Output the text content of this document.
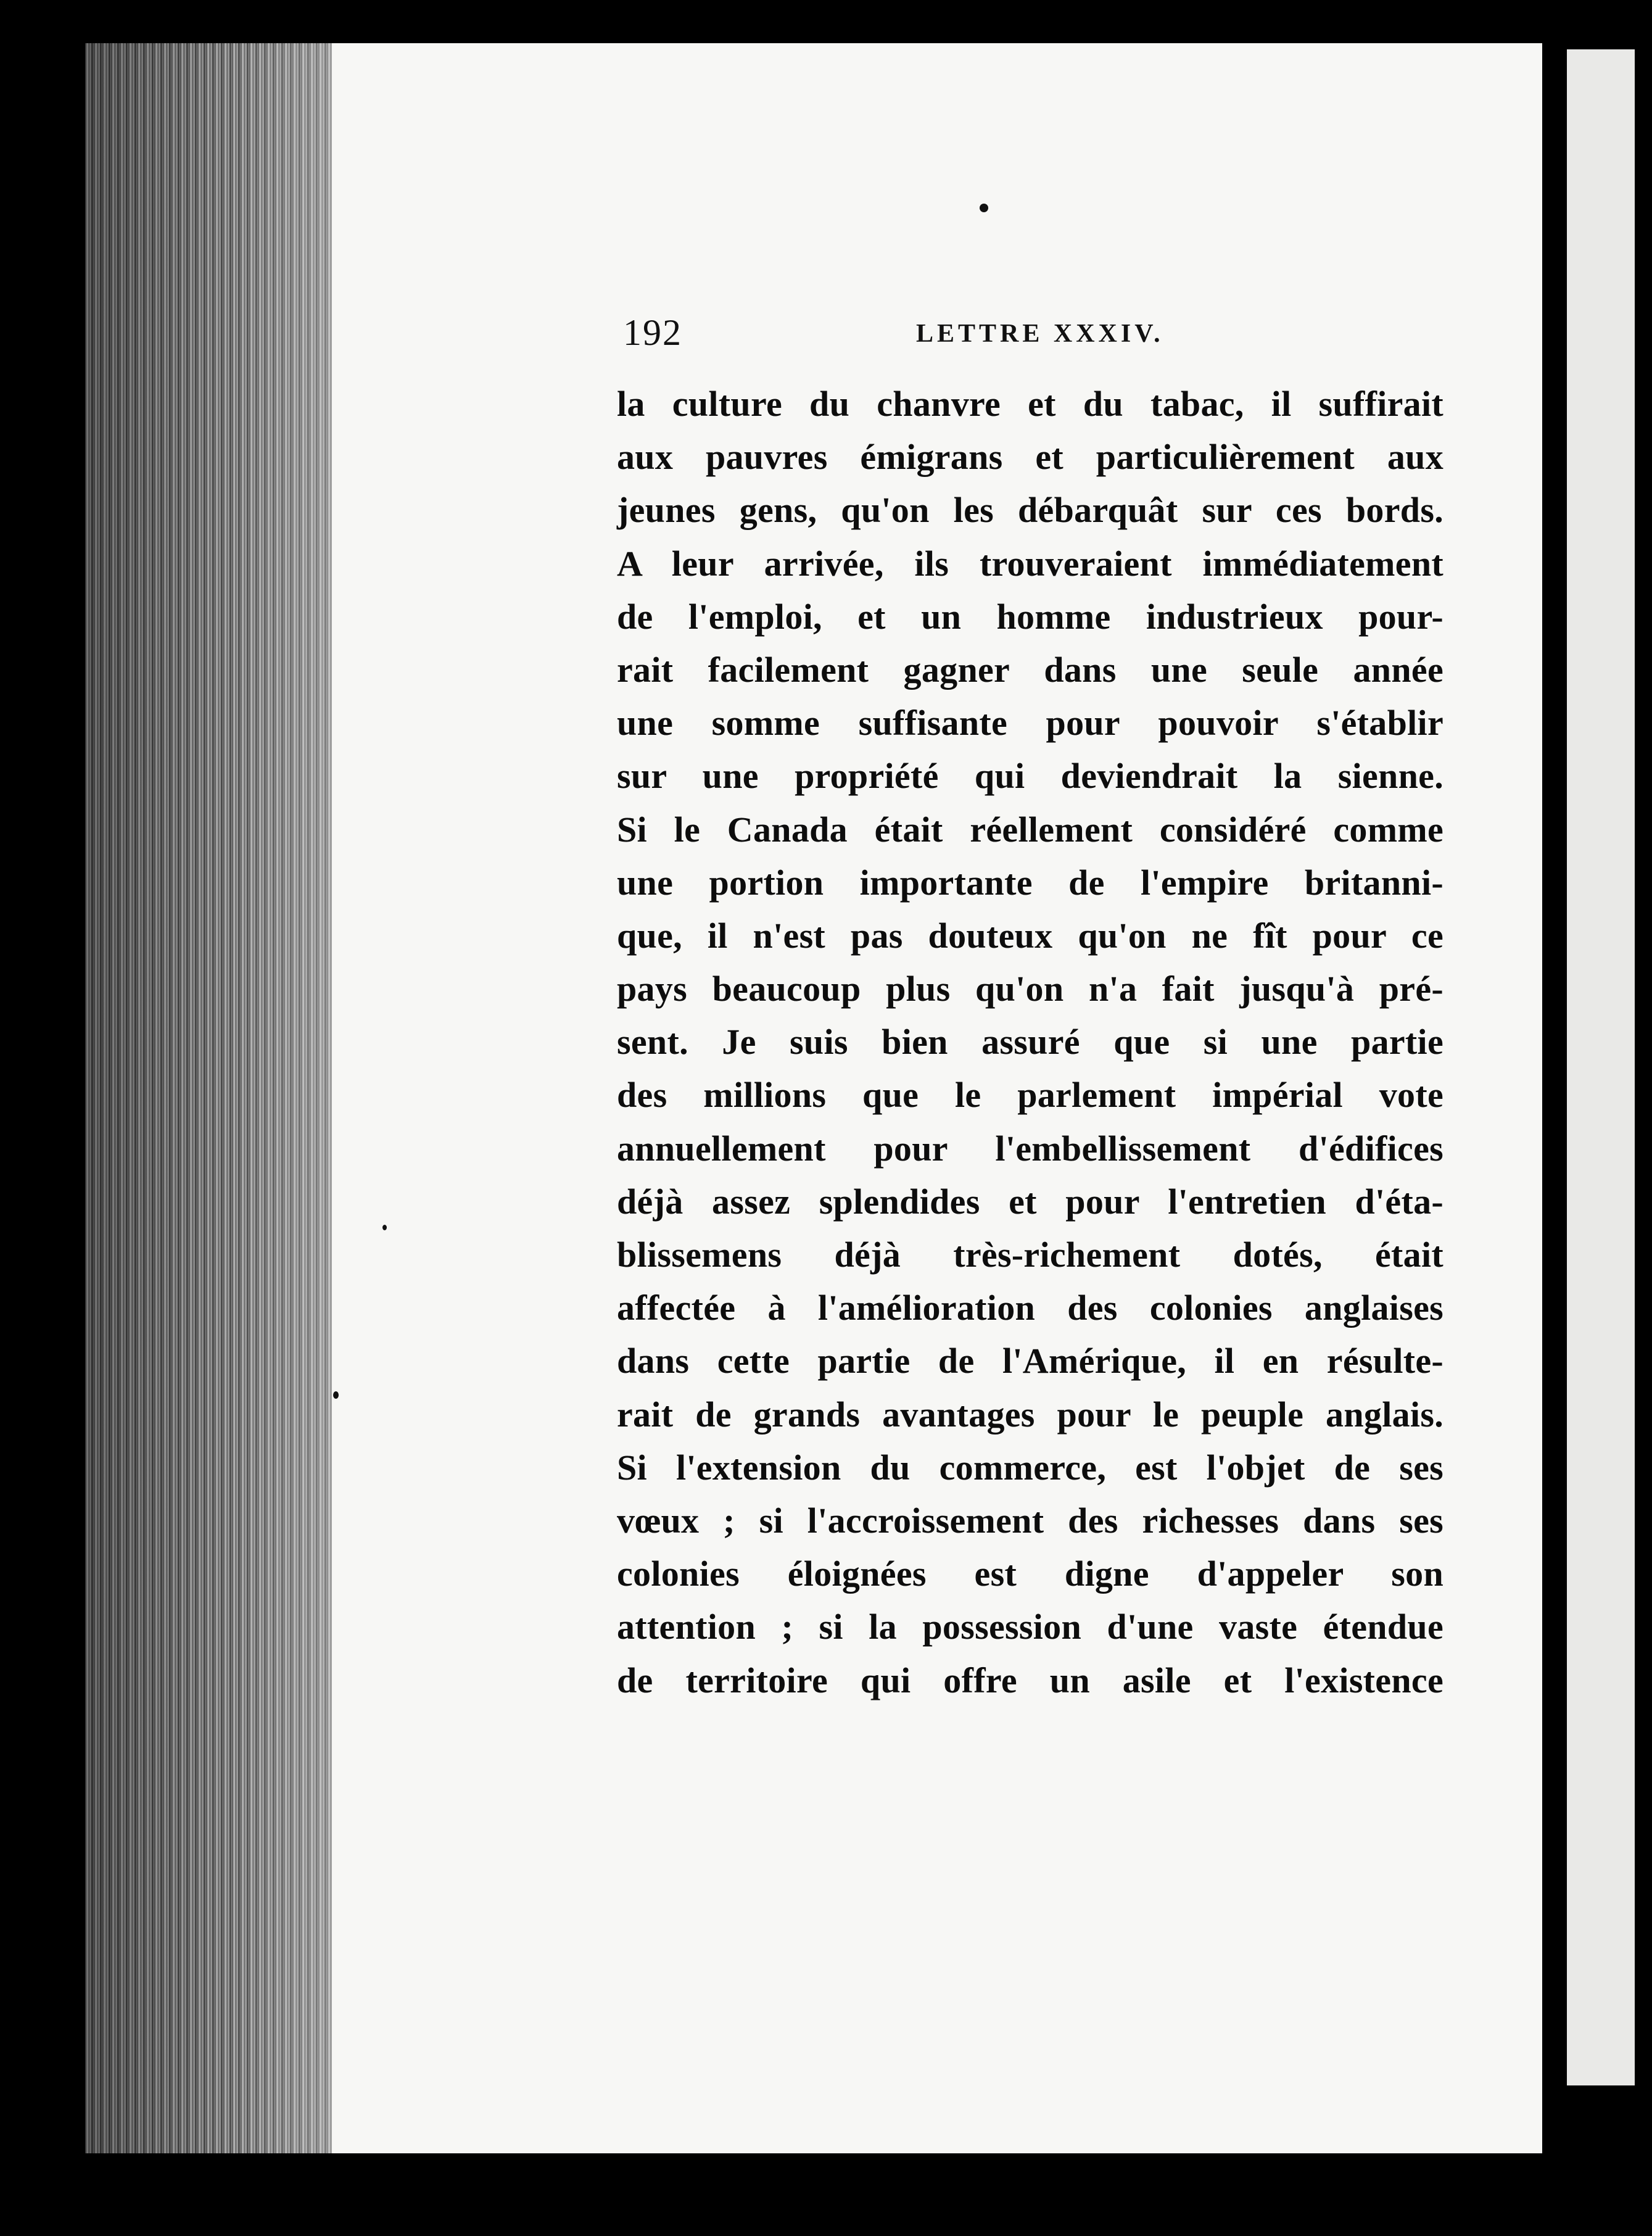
192	LETTRE XXXIV.
la culture du chanvre et du tabac, il suffirait
aux pauvres émigrans et particulièrement aux
jeunes gens, qu'on les débarquât sur ces bords.
A leur arrivée, ils trouveraient immédiatement
de l'emploi, et un homme industrieux pour-
rait facilement gagner dans une seule année
une somme suffisante pour pouvoir s'établir
sur une propriété qui deviendrait la sienne.
Si le Canada était réellement considéré comme
une portion importante de l'empire britanni-
que, il n'est pas douteux qu'on ne fît pour ce
pays beaucoup plus qu'on n'a fait jusqu'à pré-
sent. Je suis bien assuré que si une partie
des millions que le parlement impérial vote
annuellement pour l'embellissement d'édifices
déjà assez splendides et pour l'entretien d'éta-
blissemens déjà très-richement dotés, était
affectée à l'amélioration des colonies anglaises
dans cette partie de l'Amérique, il en résulte-
rait de grands avantages pour le peuple anglais.
Si l'extension du commerce, est l'objet de ses
vœux ; si l'accroissement des richesses dans ses
colonies éloignées est digne d'appeler son
attention ; si la possession d'une vaste étendue
de territoire qui offre un asile et l'existence
